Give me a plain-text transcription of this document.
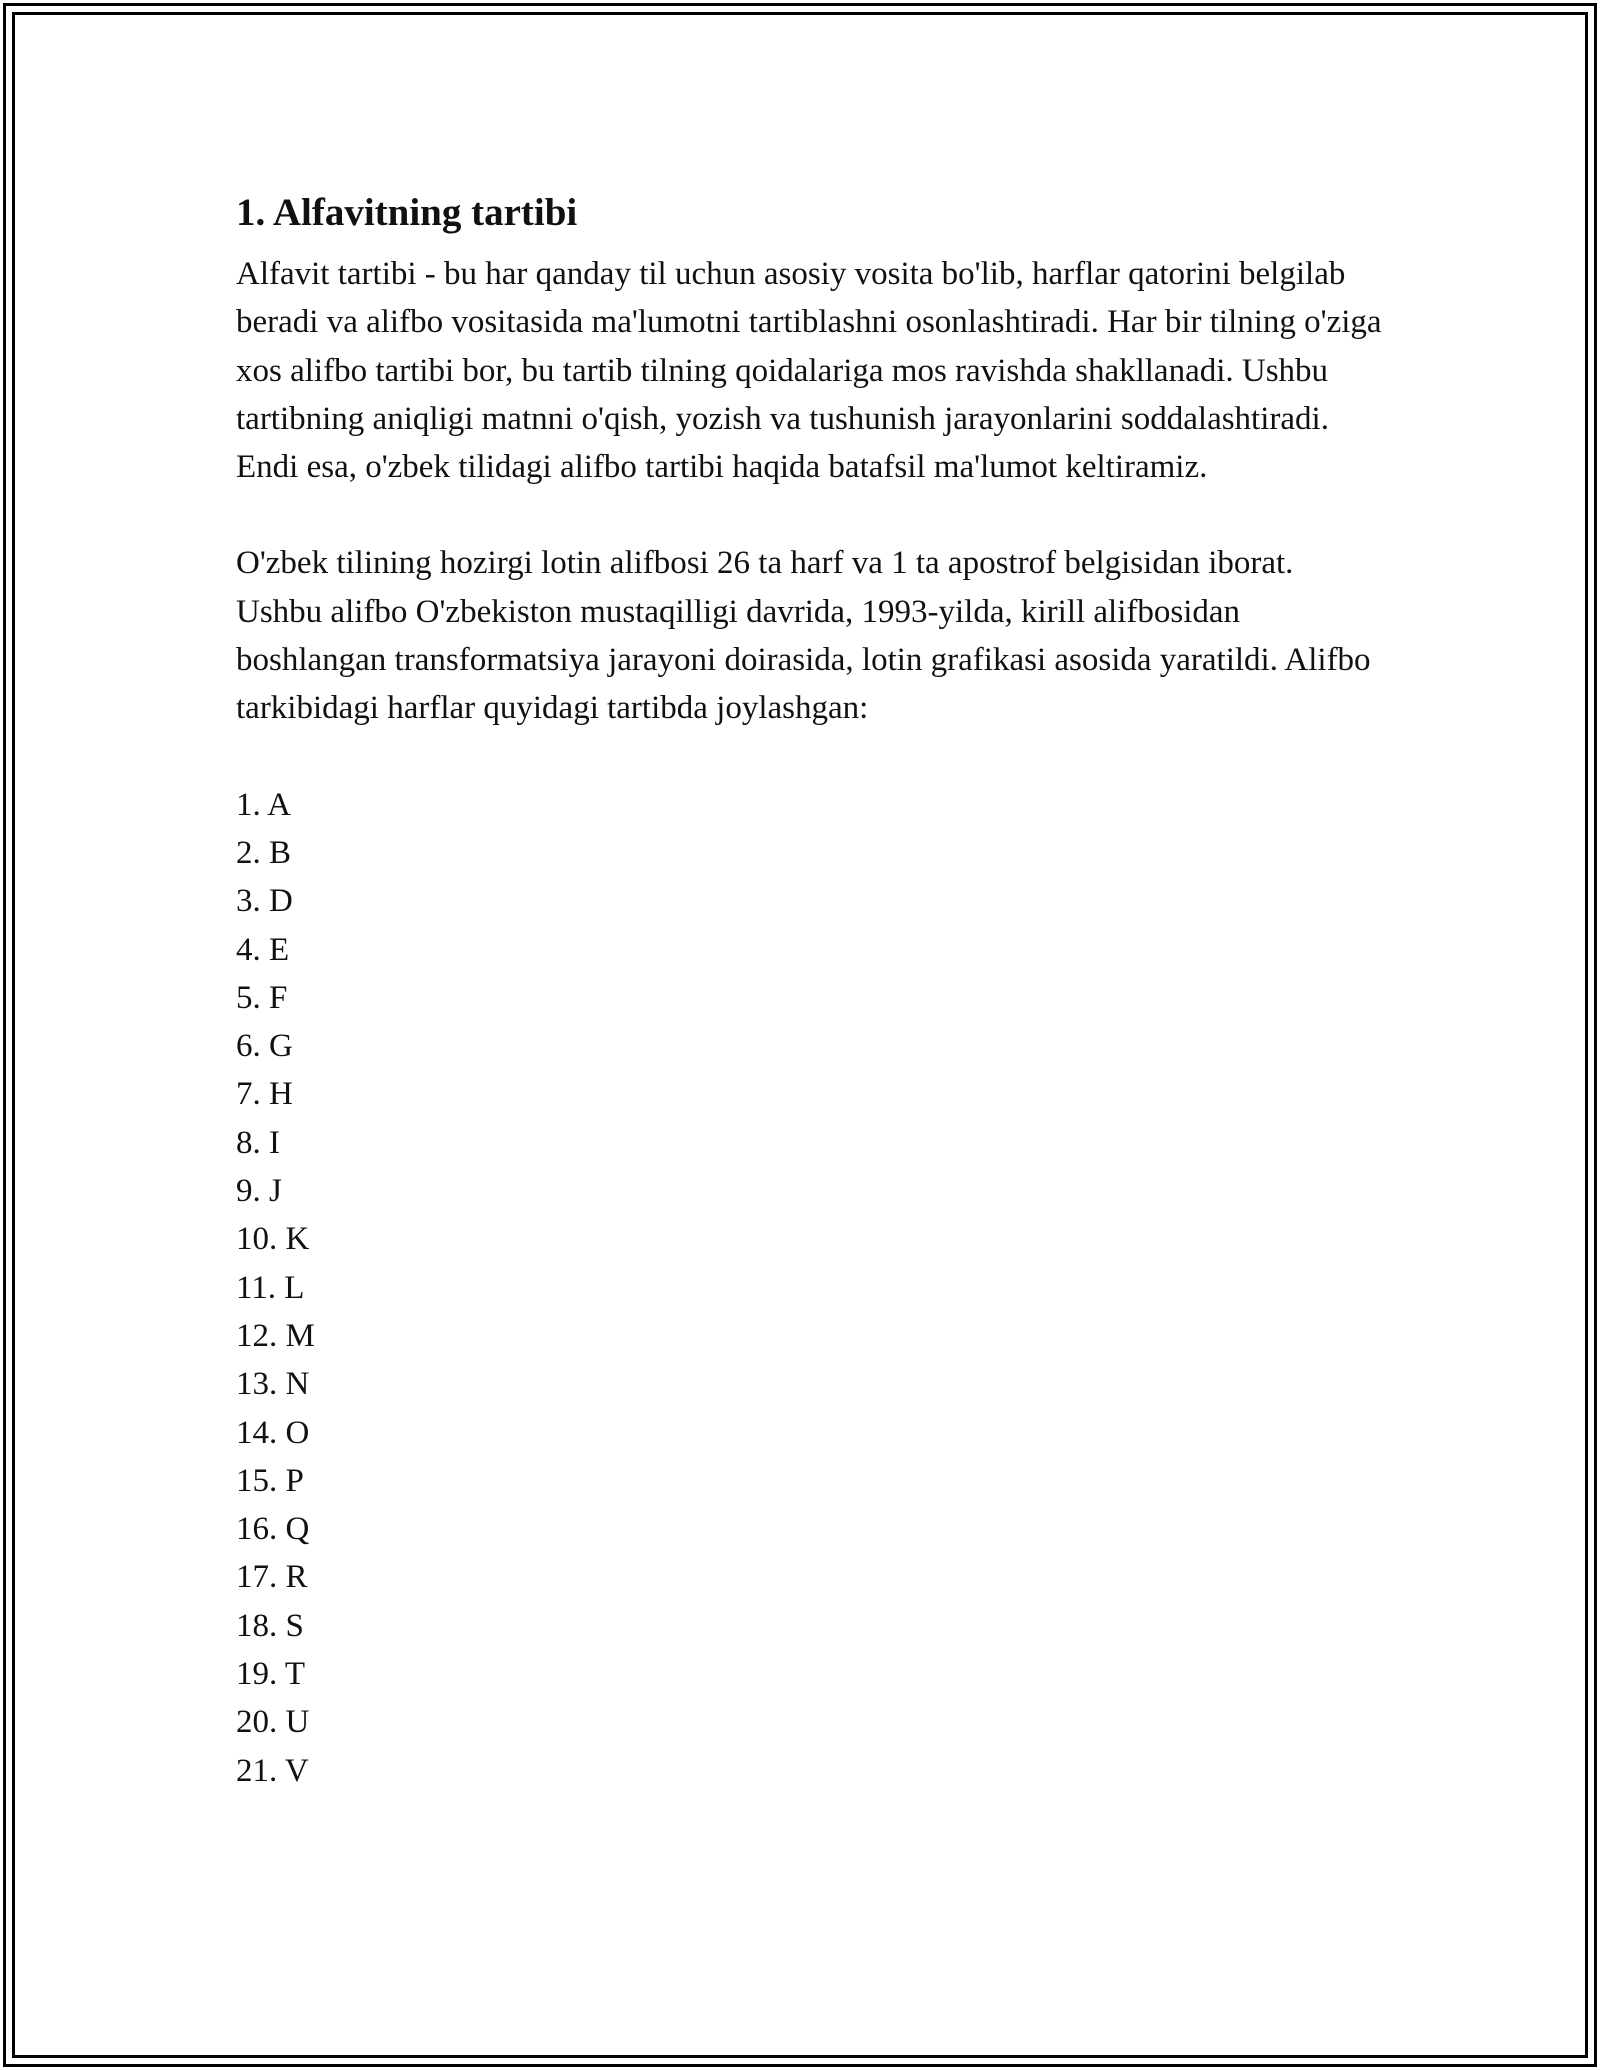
1. Alfavitning tartibi

Alfavit tartibi - bu har qanday til uchun asosiy vosita bo'lib, harflar qatorini belgilab beradi va alifbo vositasida ma'lumotni tartiblashni osonlashtiradi. Har bir tilning o'ziga xos alifbo tartibi bor, bu tartib tilning qoidalariga mos ravishda shakllanadi. Ushbu tartibning aniqligi matnni o'qish, yozish va tushunish jarayonlarini soddalashtiradi. Endi esa, o'zbek tilidagi alifbo tartibi haqida batafsil ma'lumot keltiramiz.

O'zbek tilining hozirgi lotin alifbosi 26 ta harf va 1 ta apostrof belgisidan iborat. Ushbu alifbo O'zbekiston mustaqilligi davrida, 1993-yilda, kirill alifbosidan boshlangan transformatsiya jarayoni doirasida, lotin grafikasi asosida yaratildi. Alifbo tarkibidagi harflar quyidagi tartibda joylashgan:

1. A
2. B
3. D
4. E
5. F
6. G
7. H
8. I
9. J
10. K
11. L
12. M
13. N
14. O
15. P
16. Q
17. R
18. S
19. T
20. U
21. V
